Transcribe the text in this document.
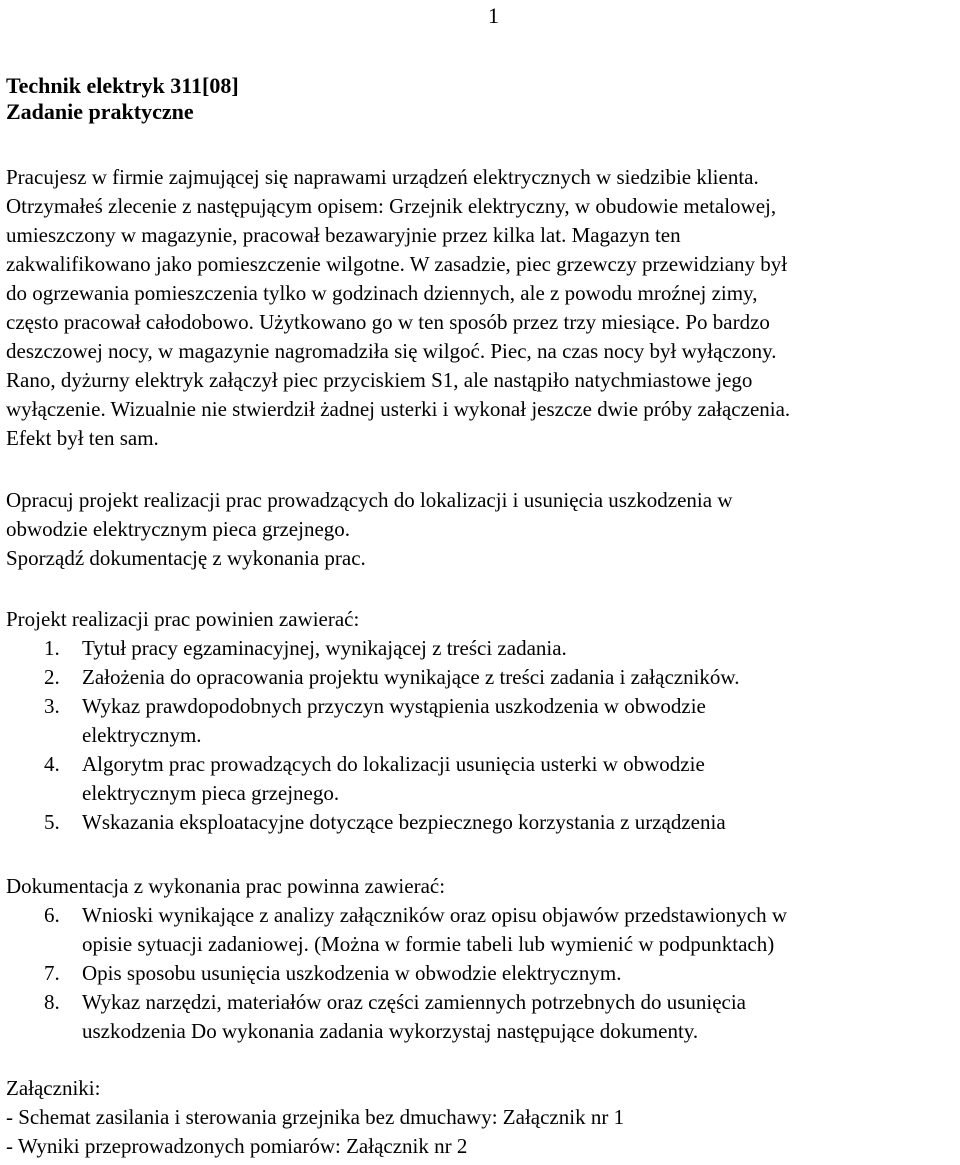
1
Technik elektryk 311[08]
Zadanie praktyczne
Pracujesz w firmie zajmującej się naprawami urządzeń elektrycznych w siedzibie klienta.
Otrzymałeś zlecenie z następującym opisem: Grzejnik elektryczny, w obudowie metalowej,
umieszczony w magazynie, pracował bezawaryjnie przez kilka lat. Magazyn ten
zakwalifikowano jako pomieszczenie wilgotne. W zasadzie, piec grzewczy przewidziany był
do ogrzewania pomieszczenia tylko w godzinach dziennych, ale z powodu mroźnej zimy,
często pracował całodobowo. Użytkowano go w ten sposób przez trzy miesiące. Po bardzo
deszczowej nocy, w magazynie nagromadziła się wilgoć. Piec, na czas nocy był wyłączony.
Rano, dyżurny elektryk załączył piec przyciskiem S1, ale nastąpiło natychmiastowe jego
wyłączenie. Wizualnie nie stwierdził żadnej usterki i wykonał jeszcze dwie próby załączenia.
Efekt był ten sam.
Opracuj projekt realizacji prac prowadzących do lokalizacji i usunięcia uszkodzenia w
obwodzie elektrycznym pieca grzejnego.
Sporządź dokumentację z wykonania prac.
Projekt realizacji prac powinien zawierać:
1. Tytuł pracy egzaminacyjnej, wynikającej z treści zadania.
2. Założenia do opracowania projektu wynikające z treści zadania i załączników.
3. Wykaz prawdopodobnych przyczyn wystąpienia uszkodzenia w obwodzie
elektrycznym.
4. Algorytm prac prowadzących do lokalizacji usunięcia usterki w obwodzie
elektrycznym pieca grzejnego.
5. Wskazania eksploatacyjne dotyczące bezpiecznego korzystania z urządzenia
Dokumentacja z wykonania prac powinna zawierać:
6. Wnioski wynikające z analizy załączników oraz opisu objawów przedstawionych w
opisie sytuacji zadaniowej. (Można w formie tabeli lub wymienić w podpunktach)
7. Opis sposobu usunięcia uszkodzenia w obwodzie elektrycznym.
8. Wykaz narzędzi, materiałów oraz części zamiennych potrzebnych do usunięcia
uszkodzenia Do wykonania zadania wykorzystaj następujące dokumenty.
Załączniki:
- Schemat zasilania i sterowania grzejnika bez dmuchawy: Załącznik nr 1
- Wyniki przeprowadzonych pomiarów: Załącznik nr 2
